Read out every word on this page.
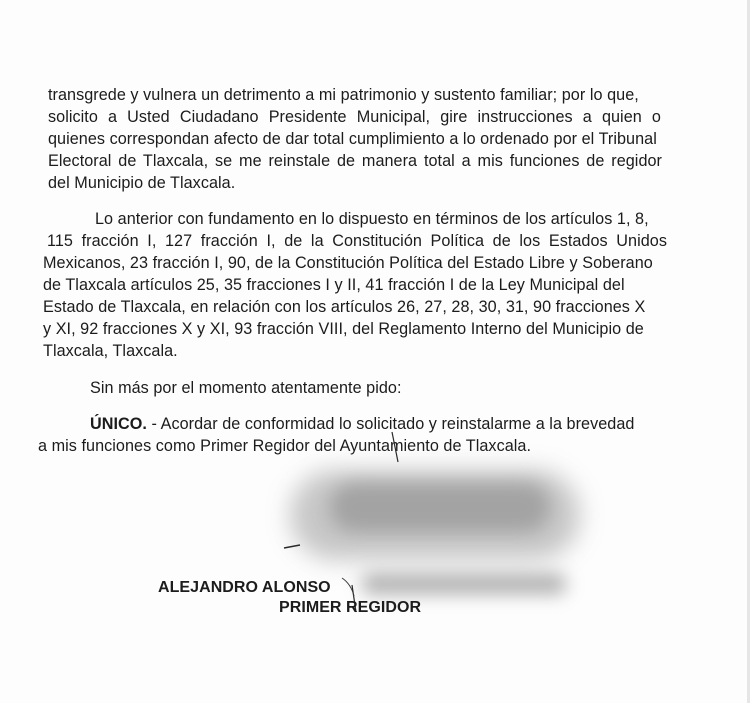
transgrede y vulnera un detrimento a mi patrimonio y sustento familiar; por lo que,
solicito a Usted Ciudadano Presidente Municipal, gire instrucciones a quien o
quienes correspondan afecto de dar total cumplimiento a lo ordenado por el Tribunal
Electoral de Tlaxcala, se me reinstale de manera total a mis funciones de regidor
del Municipio de Tlaxcala.
Lo anterior con fundamento en lo dispuesto en términos de los artículos 1, 8,
115 fracción I, 127 fracción I, de la Constitución Política de los Estados Unidos
Mexicanos, 23 fracción I, 90, de la Constitución Política del Estado Libre y Soberano
de Tlaxcala artículos 25, 35 fracciones I y II, 41 fracción I de la Ley Municipal del
Estado de Tlaxcala, en relación con los artículos 26, 27, 28, 30, 31, 90 fracciones X
y XI, 92 fracciones X y XI, 93 fracción VIII, del Reglamento Interno del Municipio de
Tlaxcala, Tlaxcala.
Sin más por el momento atentamente pido:
ÚNICO. - Acordar de conformidad lo solicitado y reinstalarme a la brevedad
a mis funciones como Primer Regidor del Ayuntamiento de Tlaxcala.
ALEJANDRO ALONSO
PRIMER REGIDOR
